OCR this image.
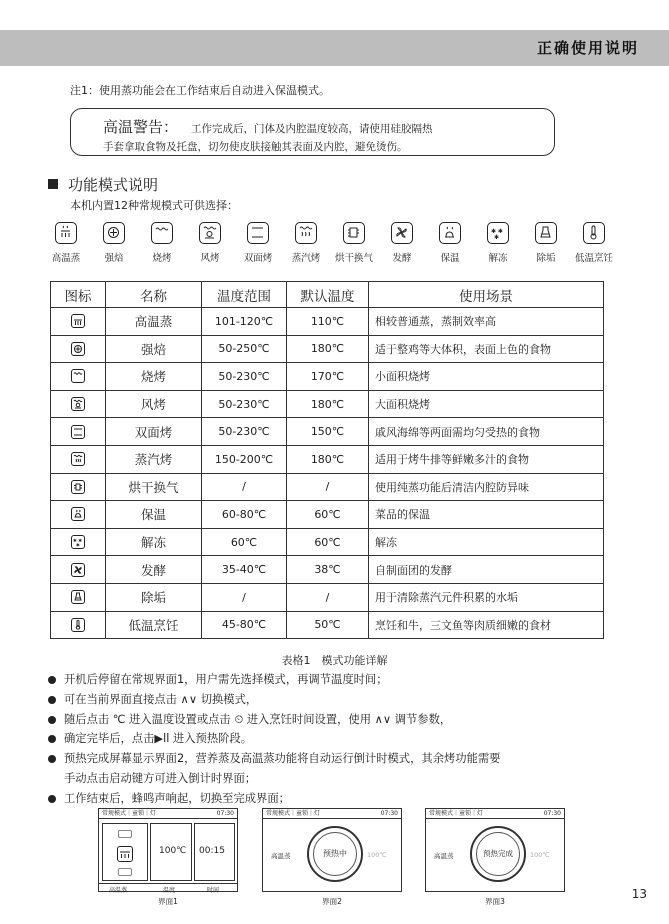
正确使用说明
注1：使用蒸功能会在工作结束后自动进入保温模式。
高温警告： 工作完成后，门体及内腔温度较高，请使用硅胶隔热
手套拿取食物及托盘，切勿使皮肤接触其表面及内腔，避免烫伤。
功能模式说明
本机内置12种常规模式可供选择：
高温蒸	强焙	烧烤	风烤	双面烤	蒸汽烤	烘干换气	发酵	保温
✱ ✱
✱
解冻	除垢	低温烹饪
图标	名称	温度范围	默认温度	使用场景

	高温蒸	101-120℃	110℃	相较普通蒸，蒸制效率高

	强焙	50-250℃	180℃	适于整鸡等大体积，表面上色的食物

	烧烤	50-230℃	170℃	小面积烧烤

	风烤	50-230℃	180℃	大面积烧烤

	双面烤	50-230℃	150℃	戚风海绵等两面需均匀受热的食物

	蒸汽烤	150-200℃	180℃	适用于烤牛排等鲜嫩多汁的食物

	烘干换气	/	/	使用纯蒸功能后清洁内腔防异味

	保温	60-80℃	60℃	菜品的保温

✱ ✱
✱	解冻	60℃	60℃	解冻

	发酵	35-40℃	38℃	自制面团的发酵

	除垢	/	/	用于清除蒸汽元件积累的水垢

	低温烹饪	45-80℃	50℃	烹饪和牛，三文鱼等肉质细嫩的食材
表格1　模式功能详解
开机后停留在常规界面1，用户需先选择模式，再调节温度时间；
可在当前界面直接点击 ∧∨ 切换模式，
随后点击 ℃ 进入温度设置或点击 ⏲ 进入烹饪时间设置，使用 ∧∨ 调节参数，
确定完毕后，点击▶ll 进入预热阶段。
预热完成屏幕显示界面2，营养蒸及高温蒸功能将自动运行倒计时模式，其余烤功能需要
手动点击启动键方可进入倒计时界面；
工作结束后，蜂鸣声响起，切换至完成界面；
常规模式｜童锁｜灯	07:30
100℃ 00:15
高温蒸	温度	时间
界面1
常规模式｜童锁｜灯	07:30
高温蒸	预热中	100℃
界面2
常规模式｜童锁｜灯	07:30
高温蒸	预热完成	100℃
界面3
13
